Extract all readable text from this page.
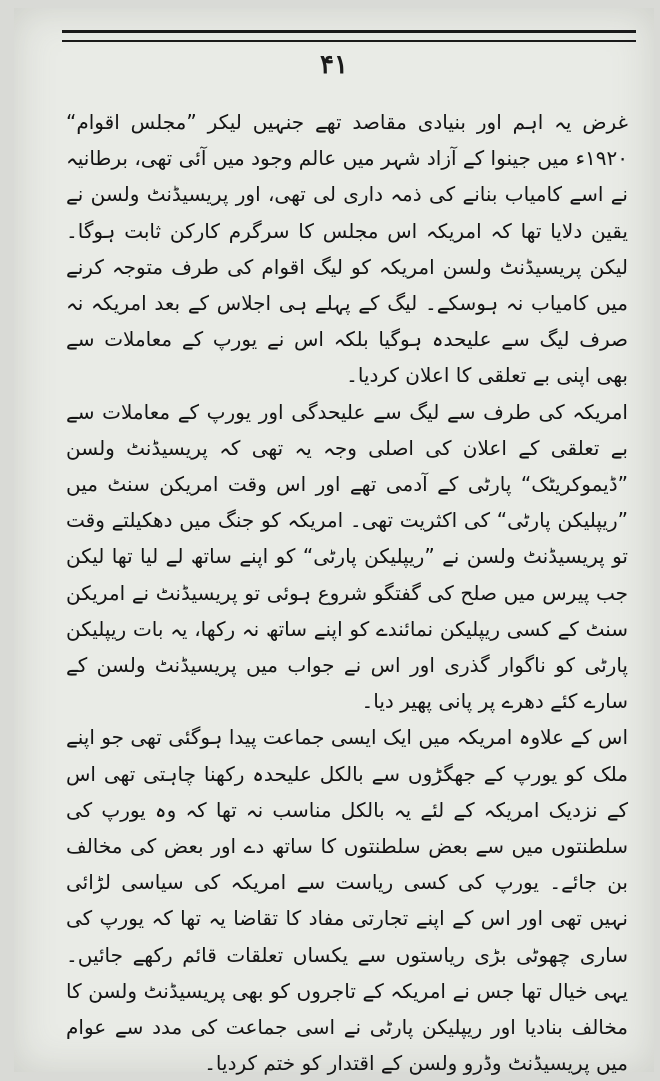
۴۱

غرض یہ اہم اور بنیادی مقاصد تھے جنہیں لیکر ”مجلس اقوام“ ۱۹۲۰ء میں جینوا کے آزاد شہر میں عالم وجود میں آئی تھی، برطانیہ نے اسے کامیاب بنانے کی ذمہ داری لی تھی، اور پریسیڈنٹ ولسن نے یقین دلایا تھا کہ امریکہ اس مجلس کا سرگرم کارکن ثابت ہوگا۔ لیکن پریسیڈنٹ ولسن امریکہ کو لیگ اقوام کی طرف متوجہ کرنے میں کامیاب نہ ہوسکے۔ لیگ کے پہلے ہی اجلاس کے بعد امریکہ نہ صرف لیگ سے علیحدہ ہوگیا بلکہ اس نے یورپ کے معاملات سے بھی اپنی بے تعلقی کا اعلان کردیا۔

امریکہ کی طرف سے لیگ سے علیحدگی اور یورپ کے معاملات سے بے تعلقی کے اعلان کی اصلی وجہ یہ تھی کہ پریسیڈنٹ ولسن ”ڈیموکریٹک“ پارٹی کے آدمی تھے اور اس وقت امریکن سنٹ میں ”ریپلیکن پارٹی“ کی اکثریت تھی۔ امریکہ کو جنگ میں دھکیلتے وقت تو پریسیڈنٹ ولسن نے ”ریپلیکن پارٹی“ کو اپنے ساتھ لے لیا تھا لیکن جب پیرس میں صلح کی گفتگو شروع ہوئی تو پریسیڈنٹ نے امریکن سنٹ کے کسی ریپلیکن نمائندے کو اپنے ساتھ نہ رکھا، یہ بات ریپلیکن پارٹی کو ناگوار گذری اور اس نے جواب میں پریسیڈنٹ ولسن کے سارے کئے دھرے پر پانی پھیر دیا۔

اس کے علاوہ امریکہ میں ایک ایسی جماعت پیدا ہوگئی تھی جو اپنے ملک کو یورپ کے جھگڑوں سے بالکل علیحدہ رکھنا چاہتی تھی اس کے نزدیک امریکہ کے لئے یہ بالکل مناسب نہ تھا کہ وہ یورپ کی سلطنتوں میں سے بعض سلطنتوں کا ساتھ دے اور بعض کی مخالف بن جائے۔ یورپ کی کسی ریاست سے امریکہ کی سیاسی لڑائی نہیں تھی اور اس کے اپنے تجارتی مفاد کا تقاضا یہ تھا کہ یورپ کی ساری چھوٹی بڑی ریاستوں سے یکساں تعلقات قائم رکھے جائیں۔ یہی خیال تھا جس نے امریکہ کے تاجروں کو بھی پریسیڈنٹ ولسن کا مخالف بنادیا اور ریپلیکن پارٹی نے اسی جماعت کی مدد سے عوام میں پریسیڈنٹ وڈرو ولسن کے اقتدار کو ختم کردیا۔
